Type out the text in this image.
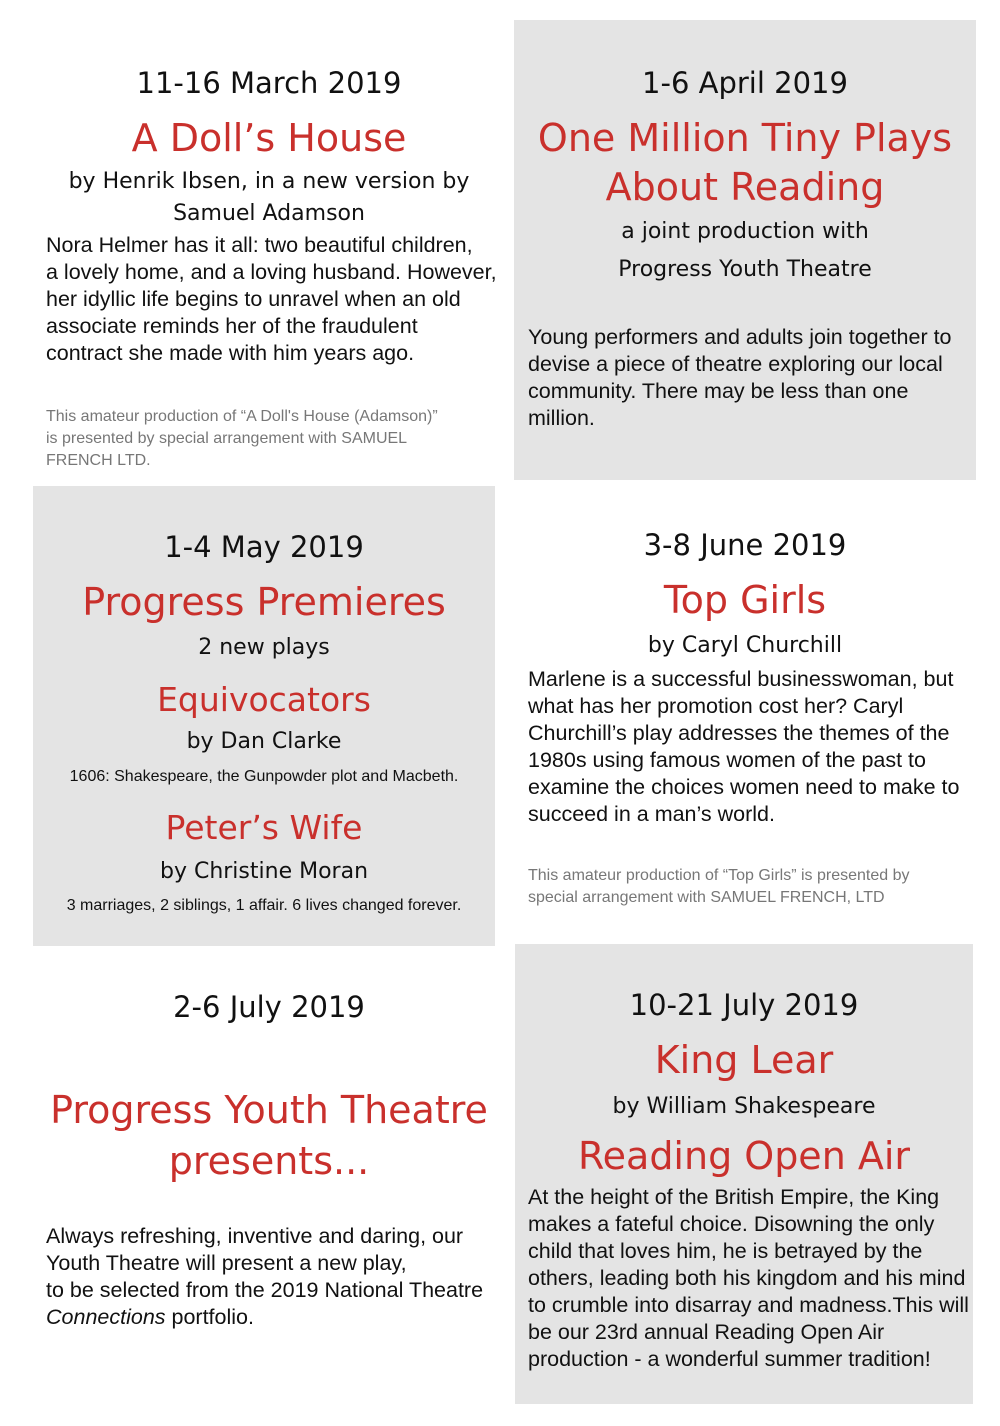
11-16 March 2019

A Doll’s House

by Henrik Ibsen, in a new version by

Samuel Adamson

Nora Helmer has it all: two beautiful children,

a lovely home, and a loving husband. However,

her idyllic life begins to unravel when an old

associate reminds her of the fraudulent

contract she made with him years ago.

This amateur production of “A Doll's House (Adamson)”

is presented by special arrangement with SAMUEL

FRENCH LTD.

1-6 April 2019

One Million Tiny Plays

About Reading

a joint production with

Progress Youth Theatre

Young performers and adults join together to

devise a piece of theatre exploring our local

community. There may be less than one

million.

1-4 May 2019

Progress Premieres

2 new plays

Equivocators

by Dan Clarke

1606: Shakespeare, the Gunpowder plot and Macbeth.

Peter’s Wife

by Christine Moran

3 marriages, 2 siblings, 1 affair. 6 lives changed forever.

3-8 June 2019

Top Girls

by Caryl Churchill

Marlene is a successful businesswoman, but

what has her promotion cost her? Caryl

Churchill’s play addresses the themes of the

1980s using famous women of the past to

examine the choices women need to make to

succeed in a man’s world.

This amateur production of “Top Girls” is presented by

special arrangement with SAMUEL FRENCH, LTD

2-6 July 2019

Progress Youth Theatre

presents...

Always refreshing, inventive and daring, our

Youth Theatre will present a new play,

to be selected from the 2019 National Theatre

Connections portfolio.

10-21 July 2019

King Lear

by William Shakespeare

Reading Open Air

At the height of the British Empire, the King

makes a fateful choice. Disowning the only

child that loves him, he is betrayed by the

others, leading both his kingdom and his mind

to crumble into disarray and madness.This will

be our 23rd annual Reading Open Air

production - a wonderful summer tradition!
